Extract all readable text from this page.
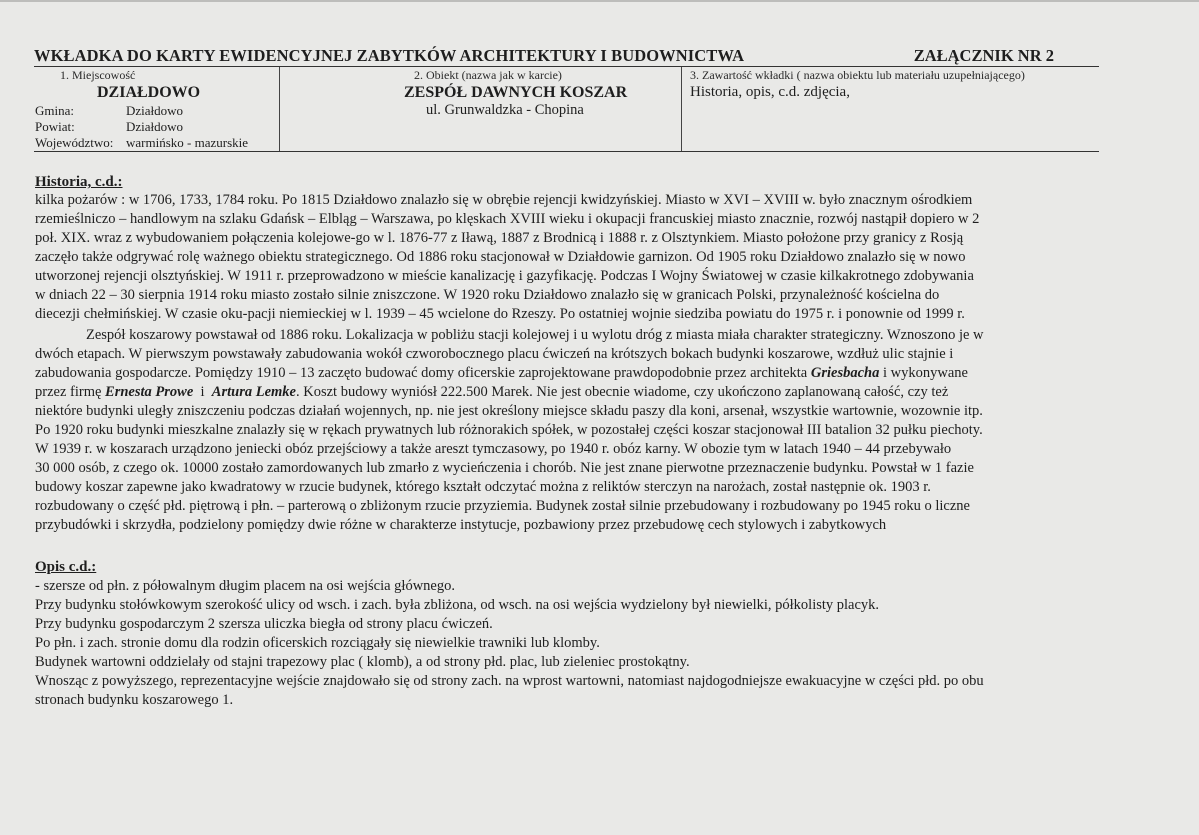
WKŁADKA DO KARTY EWIDENCYJNEJ ZABYTKÓW ARCHITEKTURY I BUDOWNICTWA	ZAŁĄCZNIK NR 2
1. Miejscowość
DZIAŁDOWO
Gmina:	Działdowo
Powiat:	Działdowo
Województwo: warmińsko - mazurskie
2. Obiekt (nazwa jak w karcie)
ZESPÓŁ DAWNYCH KOSZAR
ul. Grunwaldzka - Chopina
3. Zawartość wkładki ( nazwa obiektu lub materiału uzupełniającego)
Historia, opis, c.d. zdjęcia,
Historia, c.d.:
kilka pożarów : w 1706, 1733, 1784 roku. Po 1815 Działdowo znalazło się w obrębie rejencji kwidzyńskiej. Miasto w XVI – XVIII w. było znacznym ośrodkiem
rzemieślniczo – handlowym na szlaku Gdańsk – Elbląg – Warszawa, po klęskach XVIII wieku i okupacji francuskiej miasto znacznie, rozwój nastąpił dopiero w 2
poł. XIX. wraz z wybudowaniem połączenia kolejowe-go w l. 1876-77 z Iławą, 1887 z Brodnicą i 1888 r. z Olsztynkiem. Miasto położone przy granicy z Rosją
zaczęło także odgrywać rolę ważnego obiektu strategicznego. Od 1886 roku stacjonował w Działdowie garnizon. Od 1905 roku Działdowo znalazło się w nowo
utworzonej rejencji olsztyńskiej. W 1911 r. przeprowadzono w mieście kanalizację i gazyfikację. Podczas I Wojny Światowej w czasie kilkakrotnego zdobywania
w dniach 22 – 30 sierpnia 1914 roku miasto zostało silnie zniszczone. W 1920 roku Działdowo znalazło się w granicach Polski, przynależność kościelna do
diecezji chełmińskiej. W czasie oku-pacji niemieckiej w l. 1939 – 45 wcielone do Rzeszy. Po ostatniej wojnie siedziba powiatu do 1975 r. i ponownie od 1999 r.
Zespół koszarowy powstawał od 1886 roku. Lokalizacja w pobliżu stacji kolejowej i u wylotu dróg z miasta miała charakter strategiczny. Wznoszono je w
dwóch etapach. W pierwszym powstawały zabudowania wokół czworobocznego placu ćwiczeń na krótszych bokach budynki koszarowe, wzdłuż ulic stajnie i
zabudowania gospodarcze. Pomiędzy 1910 – 13 zaczęto budować domy oficerskie zaprojektowane prawdopodobnie przez architekta Griesbacha i wykonywane
przez firmę Ernesta Prowe  i  Artura Lemke. Koszt budowy wyniósł 222.500 Marek. Nie jest obecnie wiadome, czy ukończono zaplanowaną całość, czy też
niektóre budynki uległy zniszczeniu podczas działań wojennych, np. nie jest określony miejsce składu paszy dla koni, arsenał, wszystkie wartownie, wozownie itp.
Po 1920 roku budynki mieszkalne znalazły się w rękach prywatnych lub różnorakich spółek, w pozostałej części koszar stacjonował III batalion 32 pułku piechoty.
W 1939 r. w koszarach urządzono jeniecki obóz przejściowy a także areszt tymczasowy, po 1940 r. obóz karny. W obozie tym w latach 1940 – 44 przebywało
30 000 osób, z czego ok. 10000 zostało zamordowanych lub zmarło z wycieńczenia i chorób. Nie jest znane pierwotne przeznaczenie budynku. Powstał w 1 fazie
budowy koszar zapewne jako kwadratowy w rzucie budynek, którego kształt odczytać można z reliktów sterczyn na narożach, został następnie ok. 1903 r.
rozbudowany o część płd. piętrową i płn. – parterową o zbliżonym rzucie przyziemia. Budynek został silnie przebudowany i rozbudowany po 1945 roku o liczne
przybudówki i skrzydła, podzielony pomiędzy dwie różne w charakterze instytucje, pozbawiony przez przebudowę cech stylowych i zabytkowych
Opis c.d.:
- szersze od płn. z półowalnym długim placem na osi wejścia głównego.
Przy budynku stołówkowym szerokość ulicy od wsch. i zach. była zbliżona, od wsch. na osi wejścia wydzielony był niewielki, półkolisty placyk.
Przy budynku gospodarczym 2 szersza uliczka biegła od strony placu ćwiczeń.
Po płn. i zach. stronie domu dla rodzin oficerskich rozciągały się niewielkie trawniki lub klomby.
Budynek wartowni oddzielały od stajni trapezowy plac ( klomb), a od strony płd. plac, lub zieleniec prostokątny.
Wnosząc z powyższego, reprezentacyjne wejście znajdowało się od strony zach. na wprost wartowni, natomiast najdogodniejsze ewakuacyjne w części płd. po obu
stronach budynku koszarowego 1.
